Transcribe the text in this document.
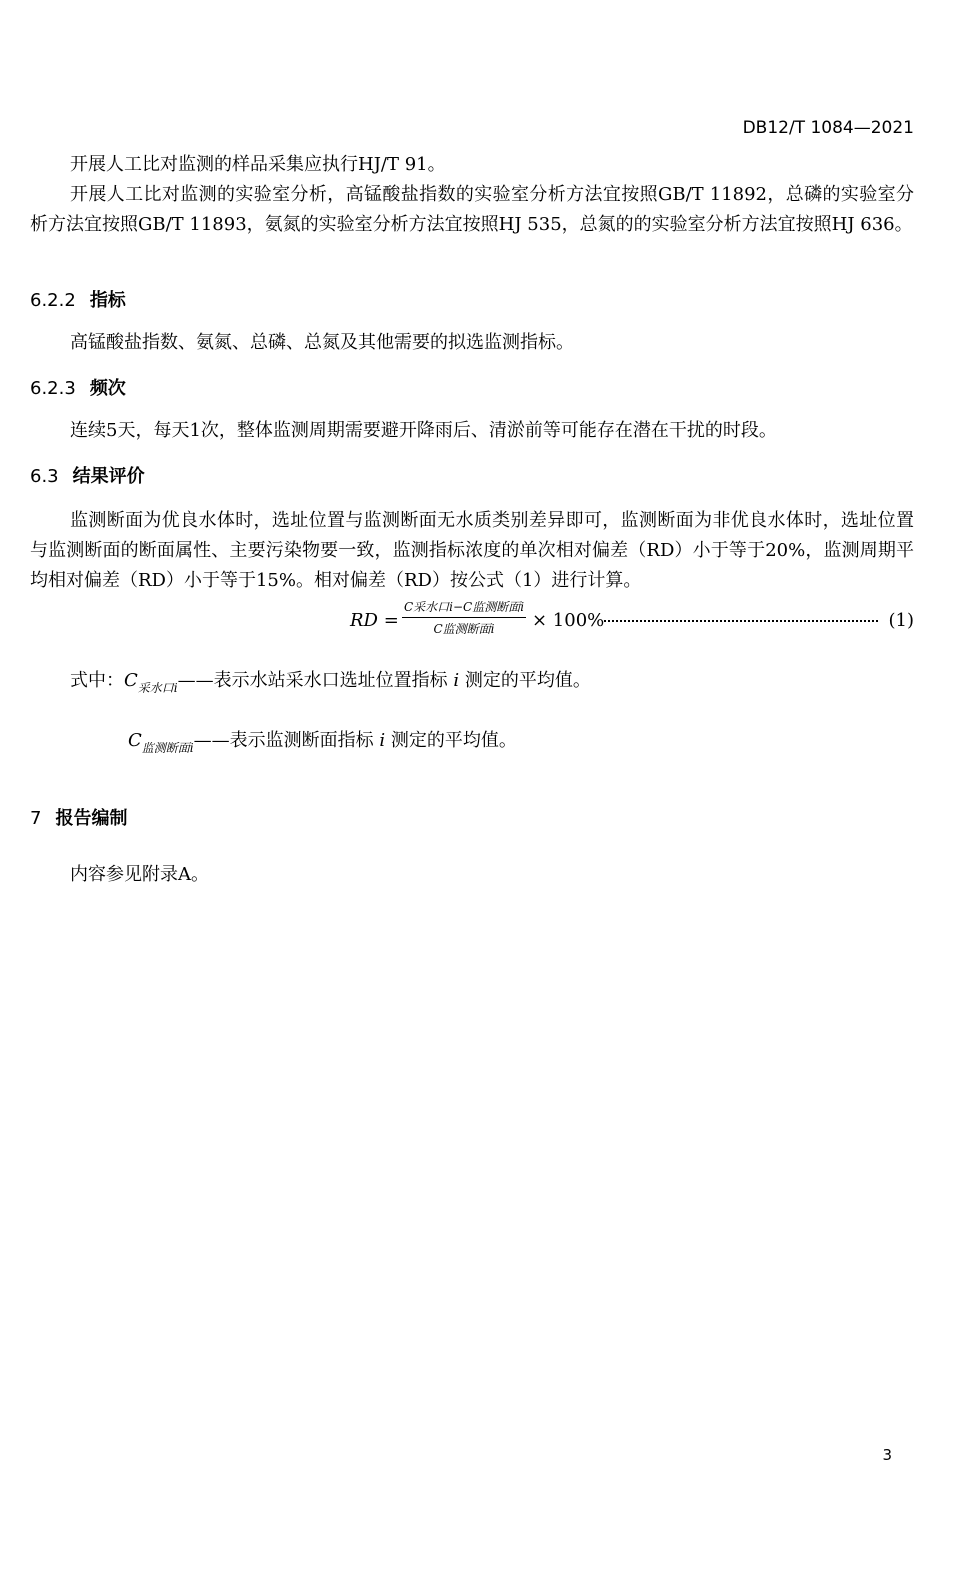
DB12/T 1084—2021
开展人工比对监测的样品采集应执行HJ/T 91。
开展人工比对监测的实验室分析，高锰酸盐指数的实验室分析方法宜按照GB/T 11892，总磷的实验室分析方法宜按照GB/T 11893，氨氮的实验室分析方法宜按照HJ 535，总氮的的实验室分析方法宜按照HJ 636。
6.2.2 指标
高锰酸盐指数、氨氮、总磷、总氮及其他需要的拟选监测指标。
6.2.3 频次
连续5天，每天1次，整体监测周期需要避开降雨后、清淤前等可能存在潜在干扰的时段。
6.3 结果评价
监测断面为优良水体时，选址位置与监测断面无水质类别差异即可，监测断面为非优良水体时，选址位置与监测断面的断面属性、主要污染物要一致，监测指标浓度的单次相对偏差（RD）小于等于20%，监测周期平均相对偏差（RD）小于等于15%。相对偏差（RD）按公式（1）进行计算。
RD =
C采水口i−C监测断面i
C监测断面i	× 100%	(1)
式中：$C_{采水口i}——$表示水站采水口选址位置指标 i 测定的平均值。
$C_{监测断面i}——$表示监测断面指标 i 测定的平均值。
7 报告编制
内容参见附录A。
3
